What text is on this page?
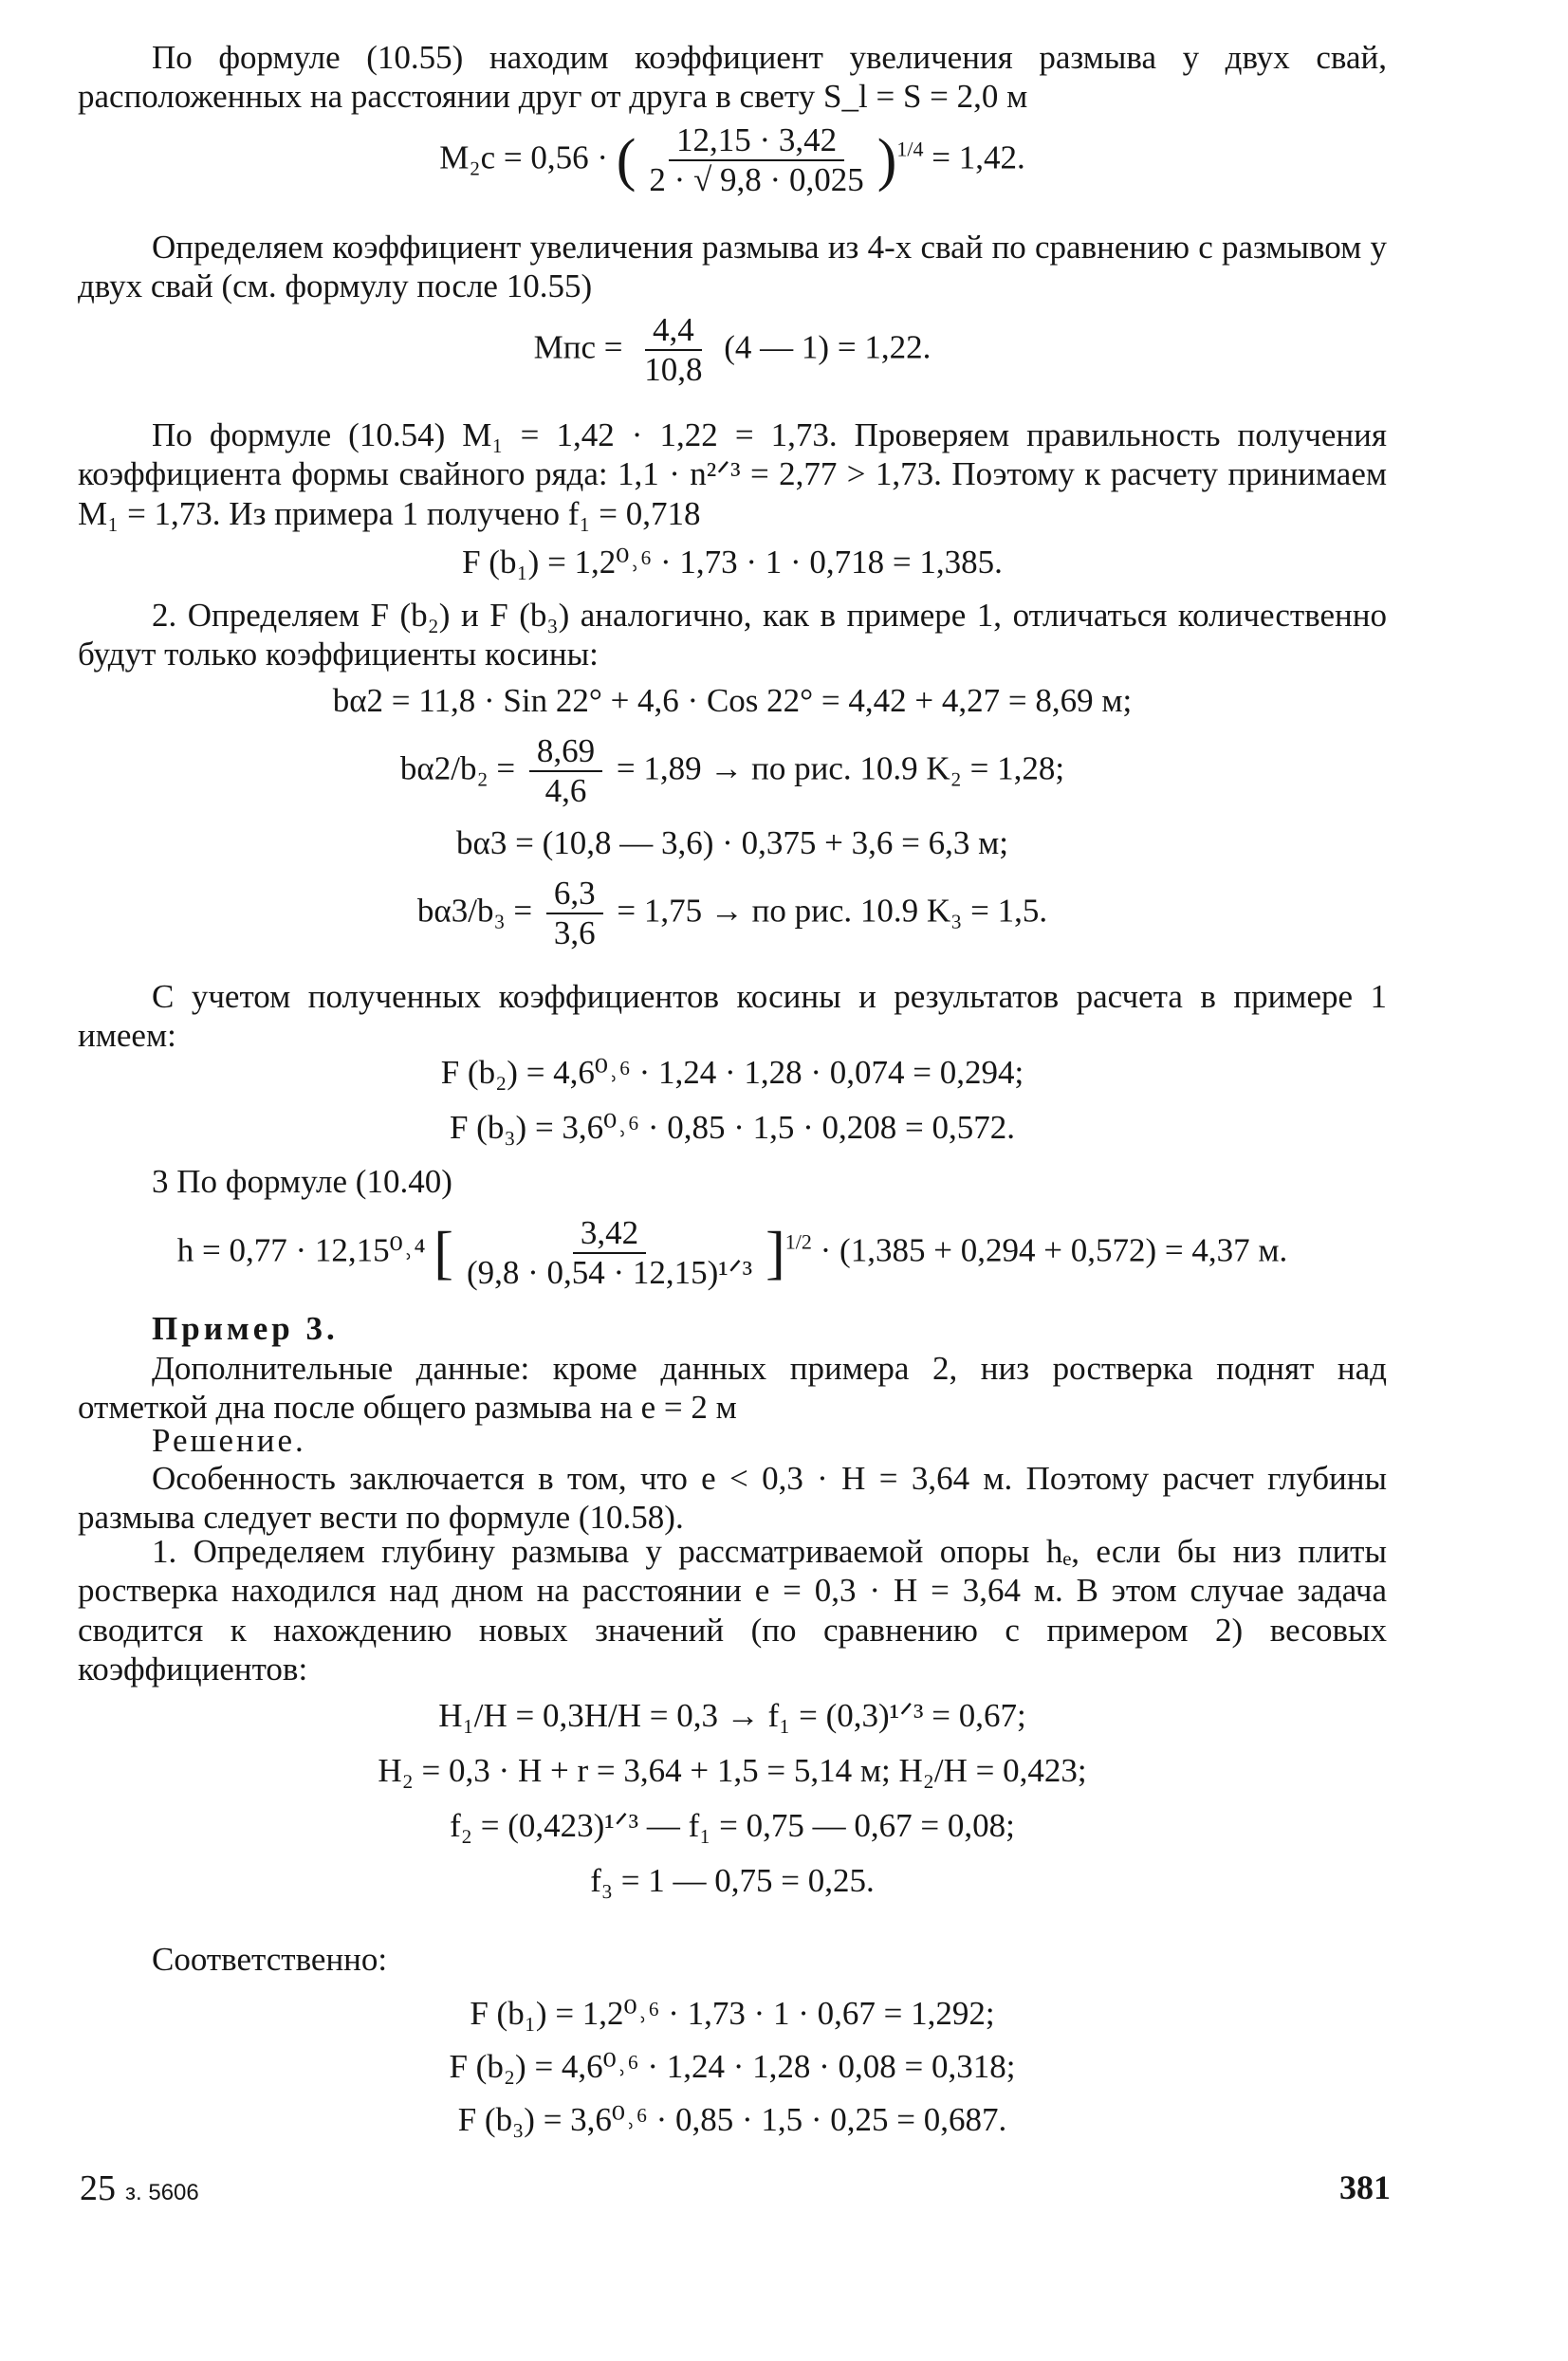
По формуле (10.55) находим коэффициент увеличения размыва у двух свай, расположенных на расстоянии друг от друга в свету S_l = S = 2,0 м
M₂c = 0,56 · ( $\frac{12,15 \cdot 3,42}{2 \cdot √ 9,8 \cdot 0,025} )^{1/4} = 1,42$.
Определяем коэффициент увеличения размыва из 4-х свай по сравнению с размывом у двух свай (см. формулу после 10.55)
Mпс = $\frac{4,4}{10,8} (4$ — 1) = 1,22.
По формуле (10.54) M₁ = 1,42 · 1,22 = 1,73. Проверяем правильность получения коэффициента формы свайного ряда: 1,1 · n²ᐟ³ = 2,77 > 1,73. Поэтому к расчету принимаем M₁ = 1,73. Из примера 1 получено f₁ = 0,718
F (b₁) = 1,2⁰˒⁶ · 1,73 · 1 · 0,718 = 1,385.
2. Определяем F (b₂) и F (b₃) аналогично, как в примере 1, отличаться количественно будут только коэффициенты косины:
bα2 = 11,8 · Sin 22° + 4,6 · Cos 22° = 4,42 + 4,27 = 8,69 м;
$b\alpha 2/b_2 = \frac{8,69}{4,6} = 1,89$ → по рис. 10.9 K₂ = 1,28;
bα3 = (10,8 — 3,6) · 0,375 + 3,6 = 6,3 м;
$b\alpha 3/b_3 = \frac{6,3}{3,6} = 1,75$ → по рис. 10.9 K₃ = 1,5.
С учетом полученных коэффициентов косины и результатов расчета в примере 1 имеем:
F (b₂) = 4,6⁰˒⁶ · 1,24 · 1,28 · 0,074 = 0,294;
F (b₃) = 3,6⁰˒⁶ · 0,85 · 1,5 · 0,208 = 0,572.
3 По формуле (10.40)
h = 0,77 · 12,15⁰˒⁴ [ $\frac{3,42}{\text{(9,8 · 0,54 · 12,15)¹ᐟ³}} ]^{1/2} \cdot (1,385 + 0,294 + 0,572) = 4,37$ м.
Пример 3.
Дополнительные данные: кроме данных примера 2, низ ростверка поднят над отметкой дна после общего размыва на e = 2 м
Решение.
Особенность заключается в том, что e < 0,3 · H = 3,64 м. Поэтому расчет глубины размыва следует вести по формуле (10.58).
1. Определяем глубину размыва у рассматриваемой опоры hₑ, если бы низ плиты ростверка находился над дном на расстоянии e = 0,3 · H = 3,64 м. В этом случае задача сводится к нахождению новых значений (по сравнению с примером 2) весовых коэффициентов:
H₁/H = 0,3H/H = 0,3 → f₁ = (0,3)¹ᐟ³ = 0,67;
H₂ = 0,3 · H + r = 3,64 + 1,5 = 5,14 м; H₂/H = 0,423;
f₂ = (0,423)¹ᐟ³ — f₁ = 0,75 — 0,67 = 0,08;
f₃ = 1 — 0,75 = 0,25.
Соответственно:
F (b₁) = 1,2⁰˒⁶ · 1,73 · 1 · 0,67 = 1,292;
F (b₂) = 4,6⁰˒⁶ · 1,24 · 1,28 · 0,08 = 0,318;
F (b₃) = 3,6⁰˒⁶ · 0,85 · 1,5 · 0,25 = 0,687.
25 з. 5606	381
